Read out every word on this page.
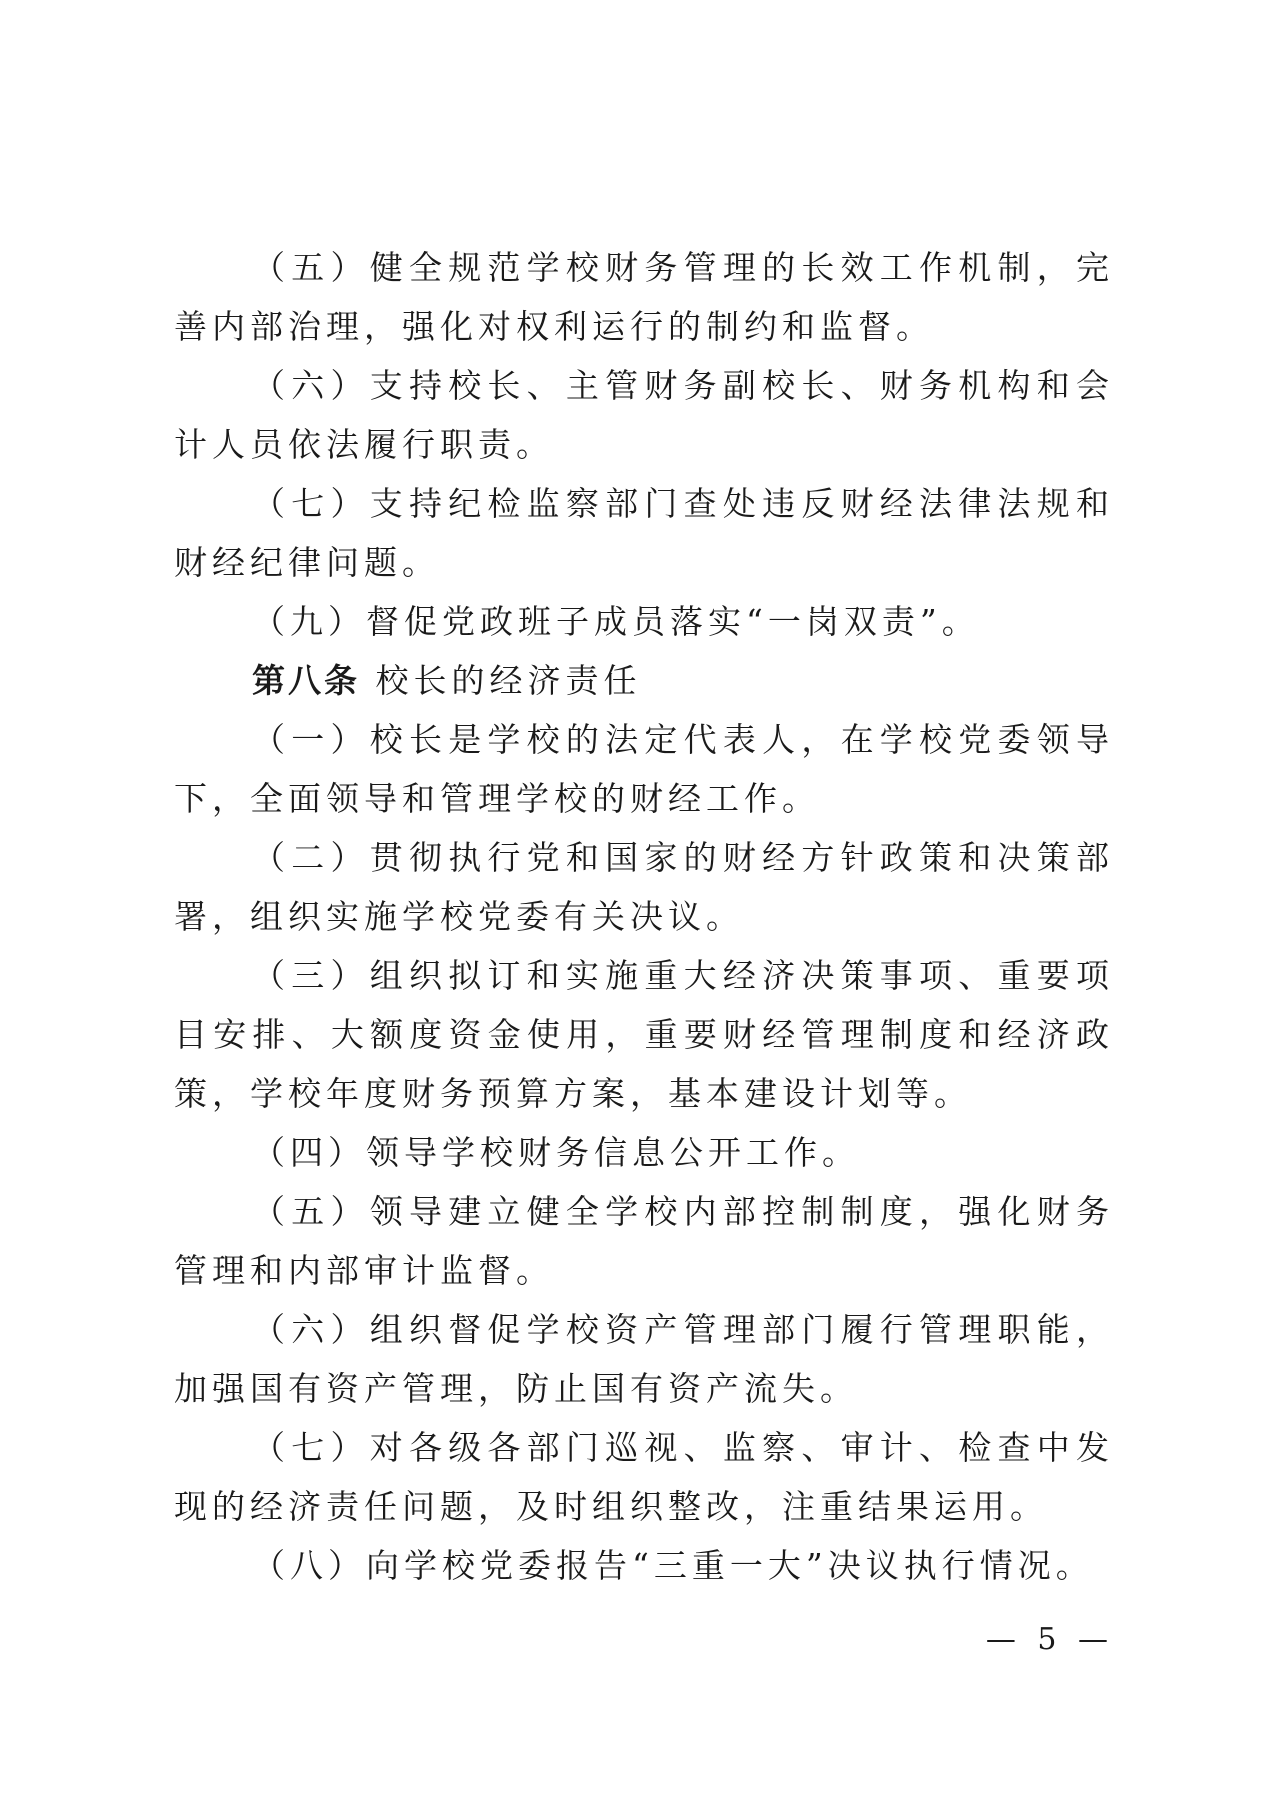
（五）健全规范学校财务管理的长效工作机制，完善内部治理，强化对权利运行的制约和监督。

（六）支持校长、主管财务副校长、财务机构和会计人员依法履行职责。

（七）支持纪检监察部门查处违反财经法律法规和财经纪律问题。

（九）督促党政班子成员落实“一岗双责”。

第八条 校长的经济责任

（一）校长是学校的法定代表人，在学校党委领导下，全面领导和管理学校的财经工作。

（二）贯彻执行党和国家的财经方针政策和决策部署，组织实施学校党委有关决议。

（三）组织拟订和实施重大经济决策事项、重要项目安排、大额度资金使用，重要财经管理制度和经济政策，学校年度财务预算方案，基本建设计划等。

（四）领导学校财务信息公开工作。

（五）领导建立健全学校内部控制制度，强化财务管理和内部审计监督。

（六）组织督促学校资产管理部门履行管理职能，加强国有资产管理，防止国有资产流失。

（七）对各级各部门巡视、监察、审计、检查中发现的经济责任问题，及时组织整改，注重结果运用。

（八）向学校党委报告“三重一大”决议执行情况。

— 5 —
